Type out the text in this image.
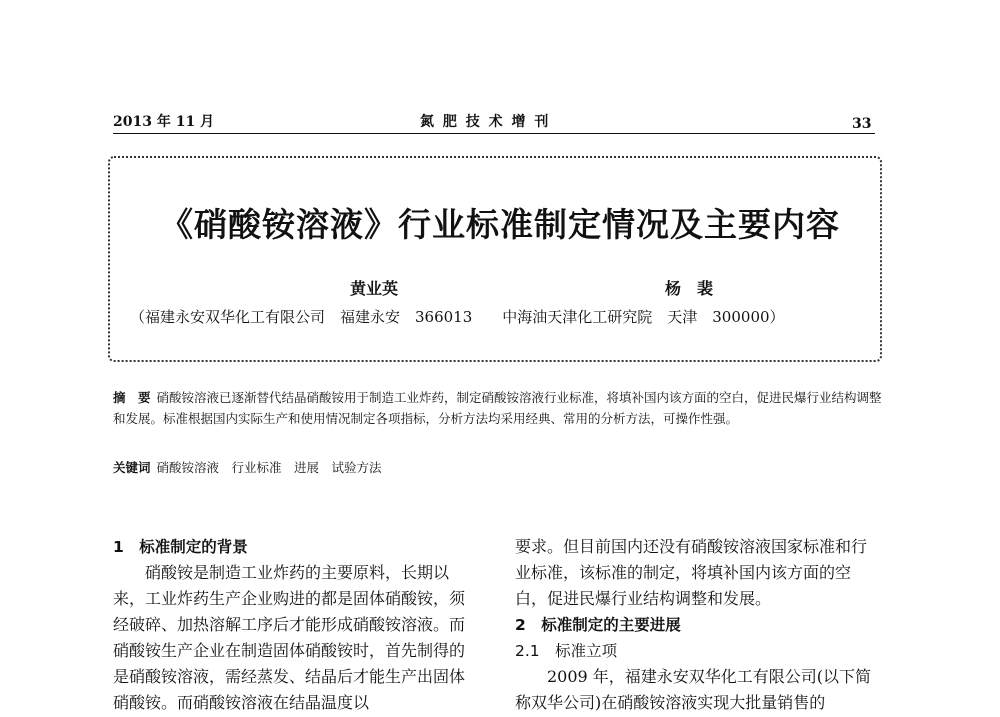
2013 年 11 月	氮 肥 技 术 增 刊	33
《硝酸铵溶液》行业标准制定情况及主要内容
黄业英	杨　裴
（福建永安双华化工有限公司　福建永安　366013　　中海油天津化工研究院　天津　300000）
摘　要 硝酸铵溶液已逐渐替代结晶硝酸铵用于制造工业炸药，制定硝酸铵溶液行业标准，将填补国内该方面的空白，促进民爆行业结构调整和发展。标准根据国内实际生产和使用情况制定各项指标，分析方法均采用经典、常用的分析方法，可操作性强。
关键词 硝酸铵溶液　行业标准　进展　试验方法

1　标准制定的背景

硝酸铵是制造工业炸药的主要原料，长期以来，工业炸药生产企业购进的都是固体硝酸铵，须经破碎、加热溶解工序后才能形成硝酸铵溶液。而硝酸铵生产企业在制造固体硝酸铵时，首先制得的是硝酸铵溶液，需经蒸发、结晶后才能生产出固体硝酸铵。而硝酸铵溶液在结晶温度以

要求。但目前国内还没有硝酸铵溶液国家标准和行业标准，该标准的制定，将填补国内该方面的空白，促进民爆行业结构调整和发展。

2　标准制定的主要进展

2.1　标准立项

2009 年，福建永安双华化工有限公司(以下简称双华公司)在硝酸铵溶液实现大批量销售的
